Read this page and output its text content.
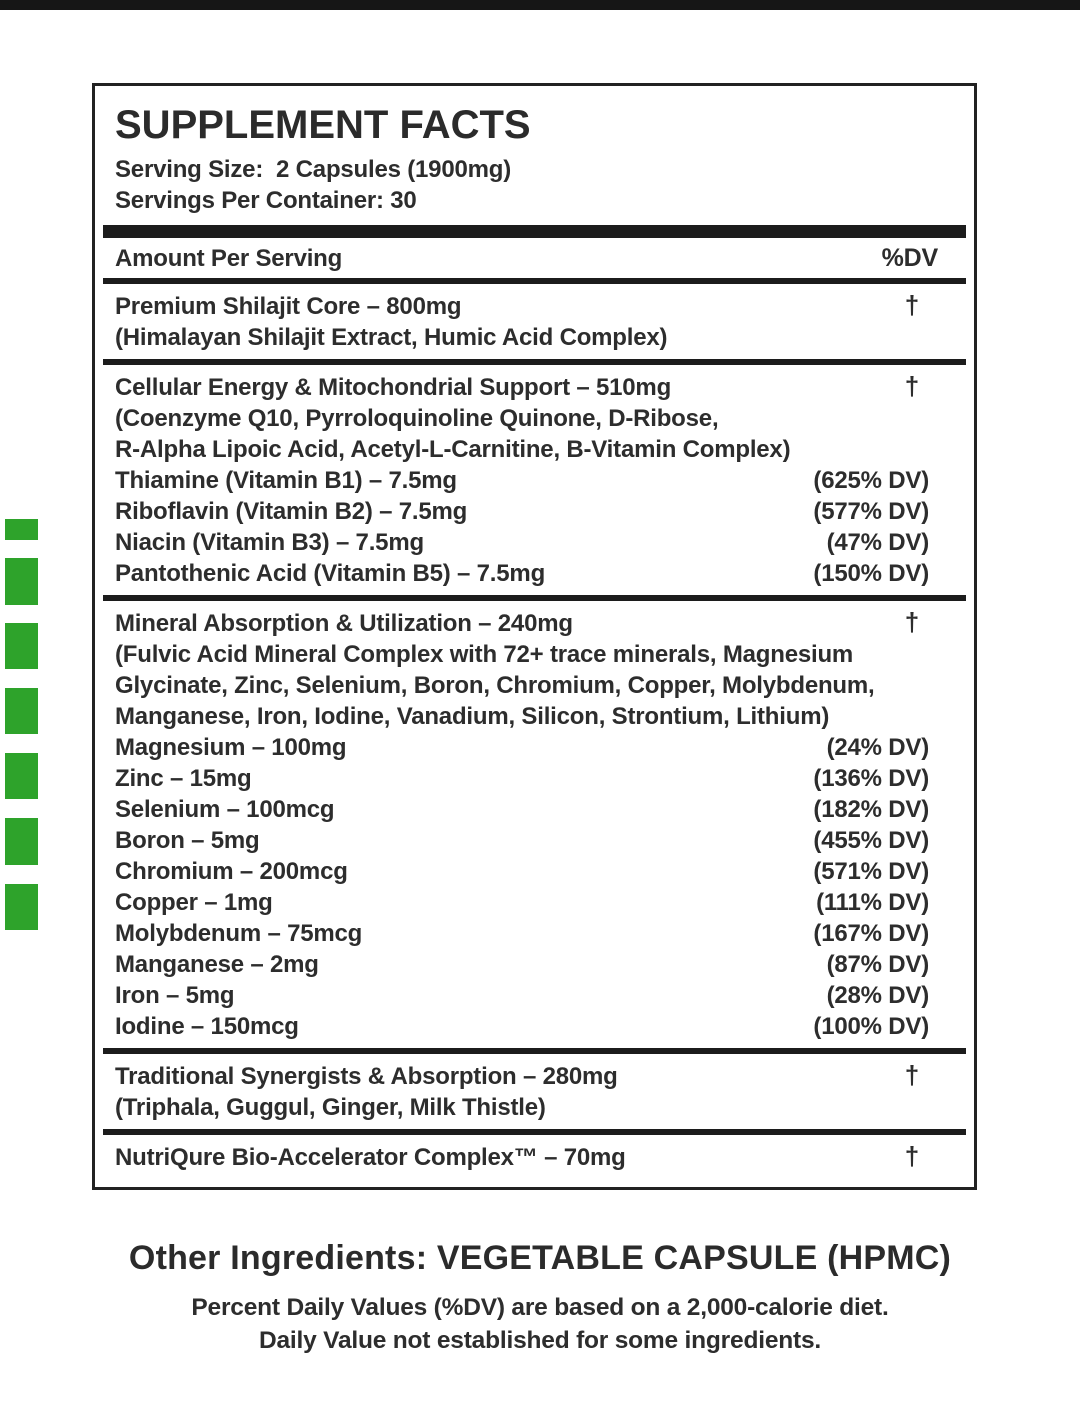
SUPPLEMENT FACTS
Serving Size:  2 Capsules (1900mg)
Servings Per Container: 30
Amount Per Serving	%DV
Premium Shilajit Core – 800mg	†
(Himalayan Shilajit Extract, Humic Acid Complex)
Cellular Energy & Mitochondrial Support – 510mg	†
(Coenzyme Q10, Pyrroloquinoline Quinone, D-Ribose,
R-Alpha Lipoic Acid, Acetyl-L-Carnitine, B-Vitamin Complex)
Thiamine (Vitamin B1) – 7.5mg	(625% DV)
Riboflavin (Vitamin B2) – 7.5mg	(577% DV)
Niacin (Vitamin B3) – 7.5mg	(47% DV)
Pantothenic Acid (Vitamin B5) – 7.5mg	(150% DV)
Mineral Absorption & Utilization – 240mg	†
(Fulvic Acid Mineral Complex with 72+ trace minerals, Magnesium
Glycinate, Zinc, Selenium, Boron, Chromium, Copper, Molybdenum,
Manganese, Iron, Iodine, Vanadium, Silicon, Strontium, Lithium)
Magnesium – 100mg	(24% DV)
Zinc – 15mg	(136% DV)
Selenium – 100mcg	(182% DV)
Boron – 5mg	(455% DV)
Chromium – 200mcg	(571% DV)
Copper – 1mg	(111% DV)
Molybdenum – 75mcg	(167% DV)
Manganese – 2mg	(87% DV)
Iron – 5mg	(28% DV)
Iodine – 150mcg	(100% DV)
Traditional Synergists & Absorption – 280mg	†
(Triphala, Guggul, Ginger, Milk Thistle)
NutriQure Bio-Accelerator Complex™ – 70mg	†
Other Ingredients: VEGETABLE CAPSULE (HPMC)
Percent Daily Values (%DV) are based on a 2,000-calorie diet.
Daily Value not established for some ingredients.
